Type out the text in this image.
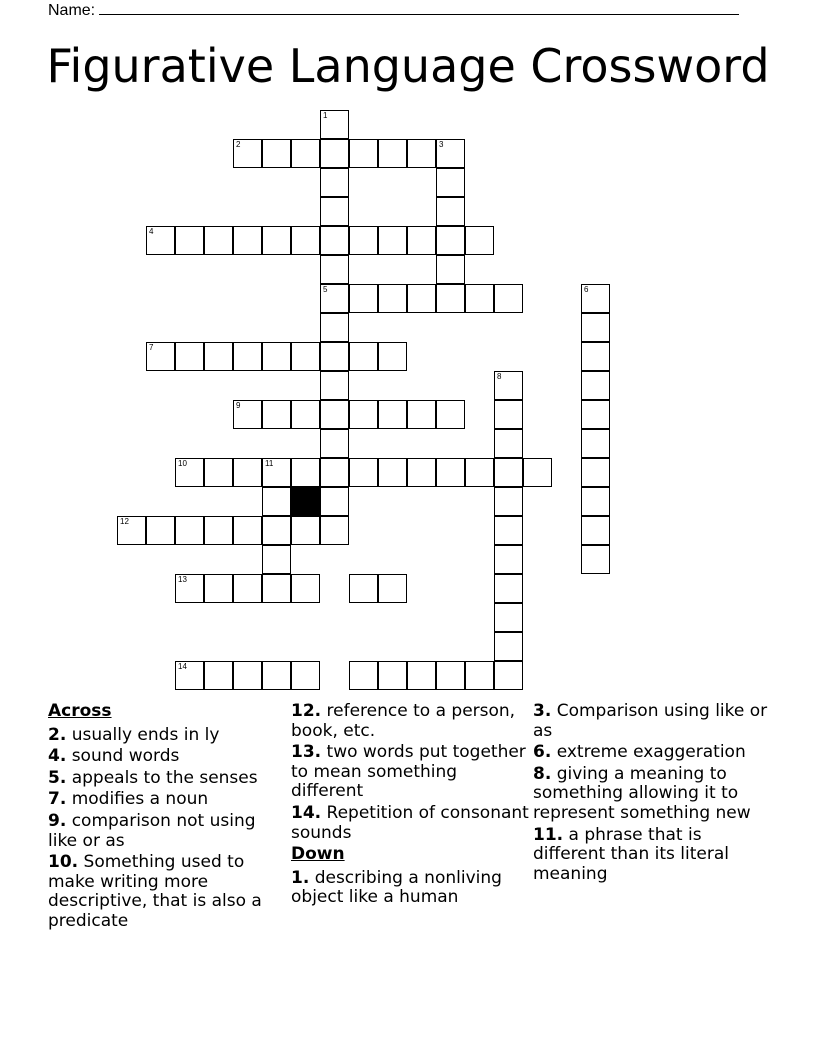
Name:
Figurative Language Crossword
1
5
2	3
4
6
7
8
9
10	11
12
13
14
Across
2. usually ends in ly
4. sound words
5. appeals to the senses
7. modifies a noun
9. comparison not using like or as
10. Something used to make writing more descriptive, that is also a predicate
12. reference to a person, book, etc.
13. two words put together to mean something different
14. Repetition of consonant sounds
Down
1. describing a nonliving object like a human
3. Comparison using like or as
6. extreme exaggeration
8. giving a meaning to something allowing it to represent something new
11. a phrase that is different than its literal meaning
